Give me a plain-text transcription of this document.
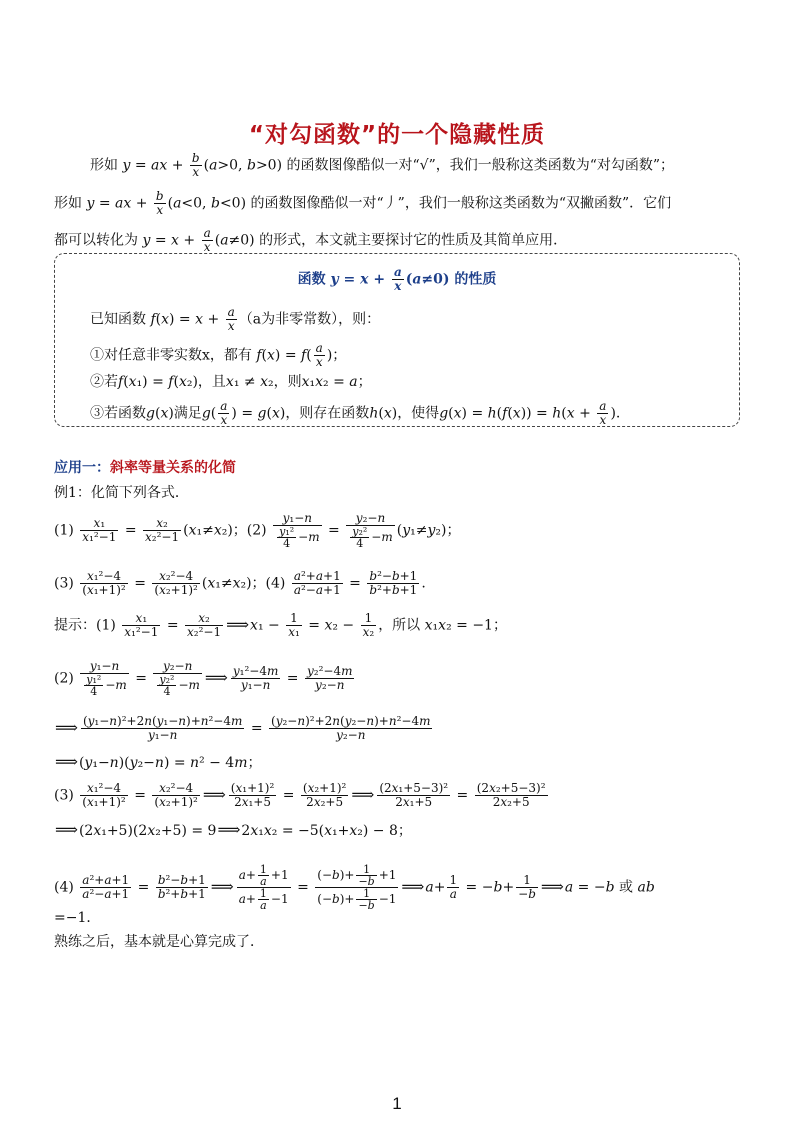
“对勾函数”的一个隐藏性质
形如 y = ax + $\frac{b}{x} (a>0$, b>0) 的函数图像酷似一对“√”，我们一般称这类函数为“对勾函数”；
形如 y = ax + $\frac{b}{x} (a<0$, b<0) 的函数图像酷似一对“丿”，我们一般称这类函数为“双撇函数”．它们
都可以转化为 $y = x + \frac{a}{x} (a\ne 0)$ 的形式，本文就主要探讨它的性质及其简单应用．
函数 $y = x + \frac{a}{x} (a\ne 0)$ 的性质
已知函数 $f(x) = x + \frac{a}{x} (a$为非零常数），则：
①对任意非零实数x，都有 $f(x) = f( \frac{a}{x}$ )；
②若f(x₁) = f(x₂)，且x₁ ≠ x₂，则x₁x₂ = a；
③若函数g(x)满足$g( \frac{a}{x}$ ) = g(x)，则存在函数h(x)，使得$g(x) = h(f(x)) = h(x + \frac{a}{x}$ ).
应用一：斜率等量关系的化简
例1：化简下列各式．
$(1) \frac{\text{x₁}}{\text{x₁²−1}} = \frac{\text{x₂}}{\text{x₂²−1}} (x_1\ne x_2)$；$(2) \frac{\text{y₁−n}}{\frac{\text{y₁²}}{4} -m} = \frac{\text{y₂−n}}{\frac{\text{y₂²}}{4} -m} (y_1\ne y_2)$；
$(3) \frac{\text{x₁²−4}}{\text{(x₁+1)²}} = \frac{\text{x₂²−4}}{\text{(x₂+1)²}} (x_1\ne x_2)$；$(4) \frac{\text{a²+a+1}}{\text{a²−a+1}} = \frac{\text{b²−b+1}}{\text{b²+b+1}}$ .
提示：$(1) \frac{\text{x₁}}{\text{x₁²−1}} = \frac{\text{x₂}}{\text{x₂²−1}}$ ⟹x₁ − $\frac{1}{\text{x₁}} = x_2 - \frac{1}{\text{x₂}}$ ，所以 x₁x₂ = −1；
$(2) \frac{\text{y₁−n}}{\frac{\text{y₁²}}{4} -m} = \frac{\text{y₂−n}}{\frac{\text{y₂²}}{4} -m}$ ⟹ $\frac{\text{y₁²−4m}}{\text{y₁−n}} = \frac{\text{y₂²−4m}}{\text{y₂−n}}$
⟹ $\frac{\text{(y₁−n)²+2n(y₁−n)+n²−4m}}{\text{y₁−n}} = \frac{\text{(y₂−n)²+2n(y₂−n)+n²−4m}}{\text{y₂−n}}$
⟹(y₁−n)(y₂−n) = n² − 4m；
$(3) \frac{\text{x₁²−4}}{\text{(x₁+1)²}} = \frac{\text{x₂²−4}}{\text{(x₂+1)²}}$ ⟹ $\frac{\text{(x₁+1)²}}{\text{2x₁+5}} = \frac{\text{(x₂+1)²}}{\text{2x₂+5}}$ ⟹ $\frac{\text{(2x₁+5−3)²}}{\text{2x₁+5}} = \frac{\text{(2x₂+5−3)²}}{\text{2x₂+5}}$
⟹(2x₁+5)(2x₂+5) = 9⟹2x₁x₂ = −5(x₁+x₂) − 8；
$(4) \frac{\text{a²+a+1}}{\text{a²−a+1}} = \frac{\text{b²−b+1}}{\text{b²+b+1}}$ ⟹ $\frac{a+ \frac{1}{a} +1}{a+ \frac{1}{a} -1} = \frac{(-b)+ \frac{1}{-b} +1}{(-b)+ \frac{1}{-b} -1}$ ⟹a+ $\frac{1}{a} = -b+ \frac{1}{-b}$ ⟹a = −b 或 ab
=−1．
熟练之后，基本就是心算完成了．
1
